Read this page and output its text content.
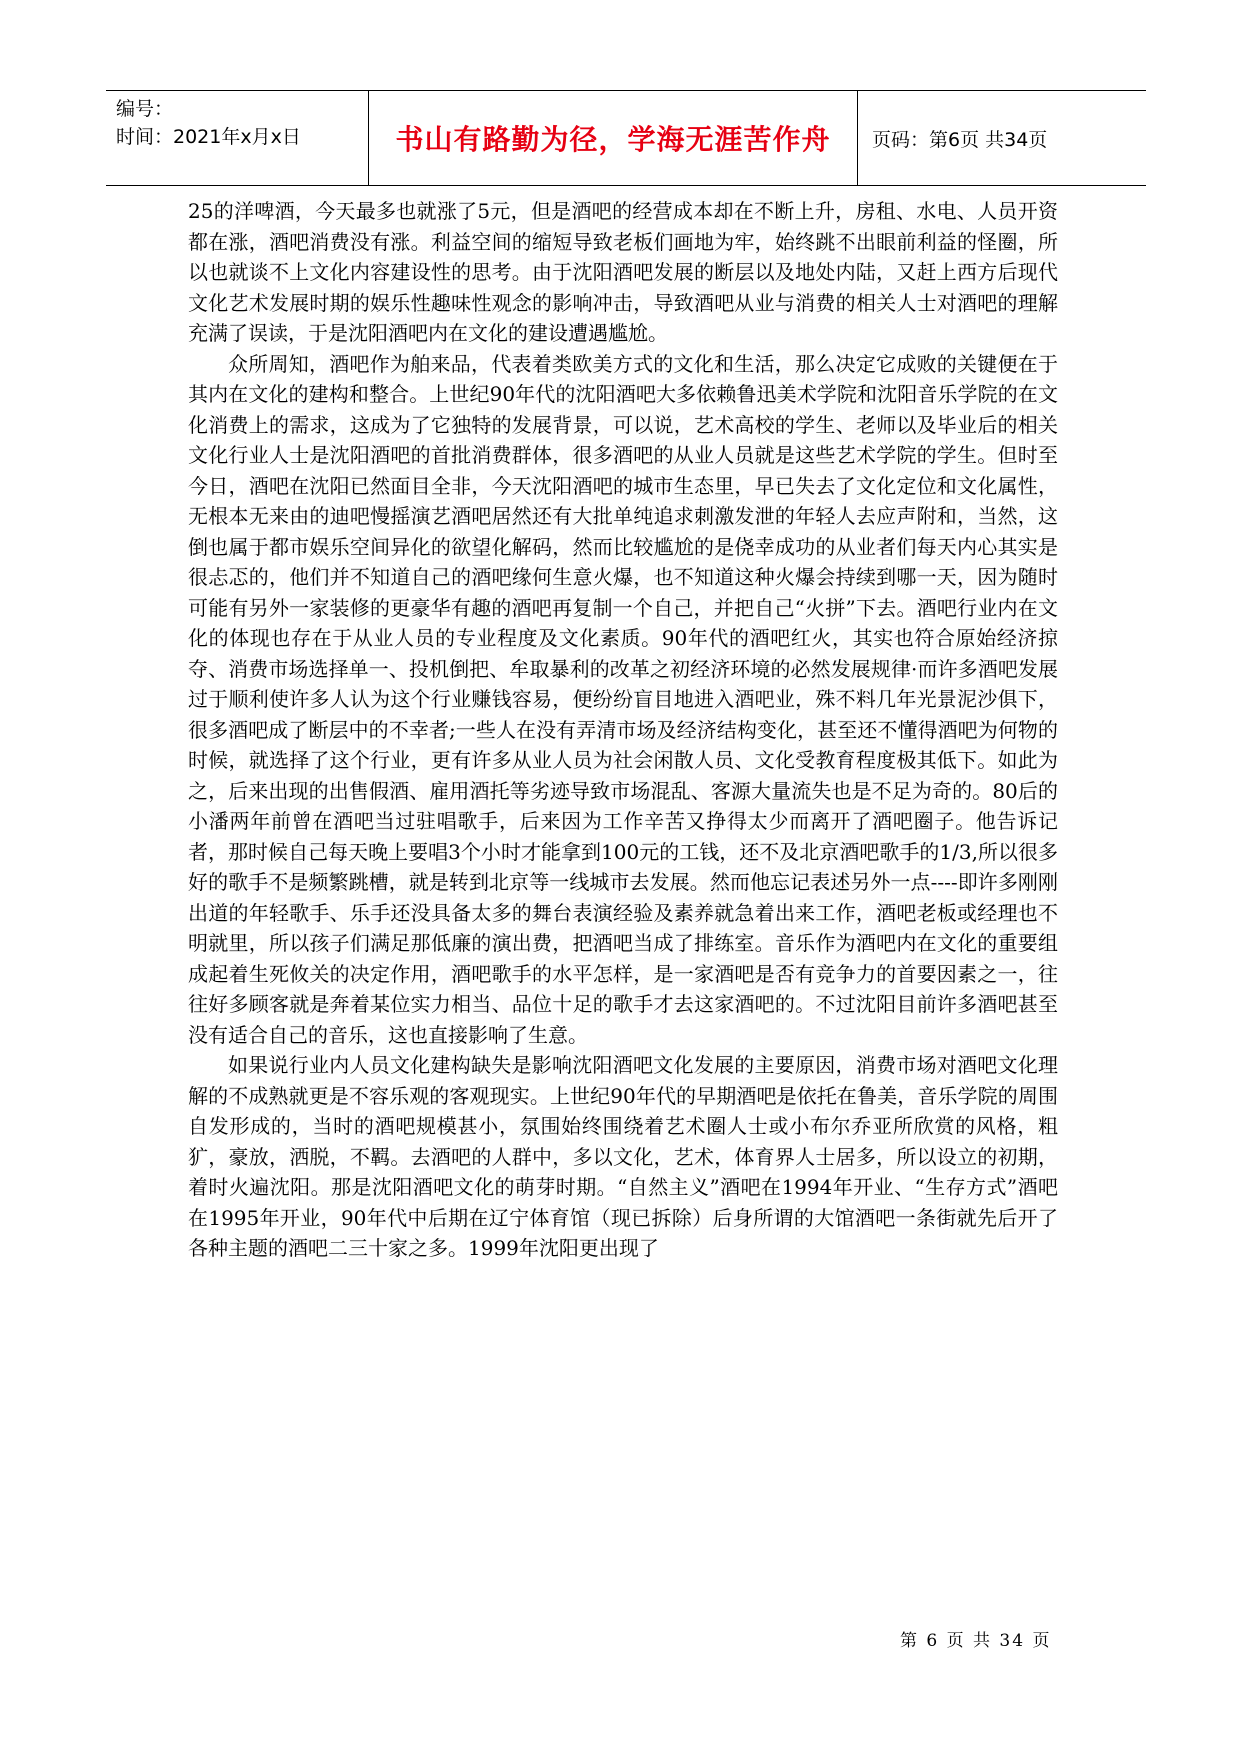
编号：
时间：2021年x月x日	书山有路勤为径，学海无涯苦作舟 页码：第6页 共34页

25的洋啤酒，今天最多也就涨了5元，但是酒吧的经营成本却在不断上升，房租、水电、人员开资都在涨，酒吧消费没有涨。利益空间的缩短导致老板们画地为牢，始终跳不出眼前利益的怪圈，所以也就谈不上文化内容建设性的思考。由于沈阳酒吧发展的断层以及地处内陆，又赶上西方后现代文化艺术发展时期的娱乐性趣味性观念的影响冲击，导致酒吧从业与消费的相关人士对酒吧的理解充满了误读，于是沈阳酒吧内在文化的建设遭遇尴尬。

众所周知，酒吧作为舶来品，代表着类欧美方式的文化和生活，那么决定它成败的关键便在于其内在文化的建构和整合。上世纪90年代的沈阳酒吧大多依赖鲁迅美术学院和沈阳音乐学院的在文化消费上的需求，这成为了它独特的发展背景，可以说，艺术高校的学生、老师以及毕业后的相关文化行业人士是沈阳酒吧的首批消费群体，很多酒吧的从业人员就是这些艺术学院的学生。但时至今日，酒吧在沈阳已然面目全非，今天沈阳酒吧的城市生态里，早已失去了文化定位和文化属性，无根本无来由的迪吧慢摇演艺酒吧居然还有大批单纯追求刺激发泄的年轻人去应声附和，当然，这倒也属于都市娱乐空间异化的欲望化解码，然而比较尴尬的是侥幸成功的从业者们每天内心其实是很忐忑的，他们并不知道自己的酒吧缘何生意火爆，也不知道这种火爆会持续到哪一天，因为随时可能有另外一家装修的更豪华有趣的酒吧再复制一个自己，并把自己“火拼”下去。酒吧行业内在文化的体现也存在于从业人员的专业程度及文化素质。90年代的酒吧红火，其实也符合原始经济掠夺、消费市场选择单一、投机倒把、牟取暴利的改革之初经济环境的必然发展规律·而许多酒吧发展过于顺利使许多人认为这个行业赚钱容易，便纷纷盲目地进入酒吧业，殊不料几年光景泥沙俱下，很多酒吧成了断层中的不幸者;一些人在没有弄清市场及经济结构变化，甚至还不懂得酒吧为何物的时候，就选择了这个行业，更有许多从业人员为社会闲散人员、文化受教育程度极其低下。如此为之，后来出现的出售假酒、雇用酒托等劣迹导致市场混乱、客源大量流失也是不足为奇的。80后的小潘两年前曾在酒吧当过驻唱歌手，后来因为工作辛苦又挣得太少而离开了酒吧圈子。他告诉记者，那时候自己每天晚上要唱3个小时才能拿到100元的工钱，还不及北京酒吧歌手的1/3,所以很多好的歌手不是频繁跳槽，就是转到北京等一线城市去发展。然而他忘记表述另外一点----即许多刚刚出道的年轻歌手、乐手还没具备太多的舞台表演经验及素养就急着出来工作，酒吧老板或经理也不明就里，所以孩子们满足那低廉的演出费，把酒吧当成了排练室。音乐作为酒吧内在文化的重要组成起着生死攸关的决定作用，酒吧歌手的水平怎样，是一家酒吧是否有竞争力的首要因素之一，往往好多顾客就是奔着某位实力相当、品位十足的歌手才去这家酒吧的。不过沈阳目前许多酒吧甚至没有适合自己的音乐，这也直接影响了生意。

如果说行业内人员文化建构缺失是影响沈阳酒吧文化发展的主要原因，消费市场对酒吧文化理解的不成熟就更是不容乐观的客观现实。上世纪90年代的早期酒吧是依托在鲁美，音乐学院的周围自发形成的，当时的酒吧规模甚小，氛围始终围绕着艺术圈人士或小布尔乔亚所欣赏的风格，粗犷，豪放，洒脱，不羁。去酒吧的人群中，多以文化，艺术，体育界人士居多，所以设立的初期，着时火遍沈阳。那是沈阳酒吧文化的萌芽时期。“自然主义”酒吧在1994年开业、“生存方式”酒吧在1995年开业，90年代中后期在辽宁体育馆（现已拆除）后身所谓的大馆酒吧一条街就先后开了各种主题的酒吧二三十家之多。1999年沈阳更出现了

第 6 页 共 34 页
